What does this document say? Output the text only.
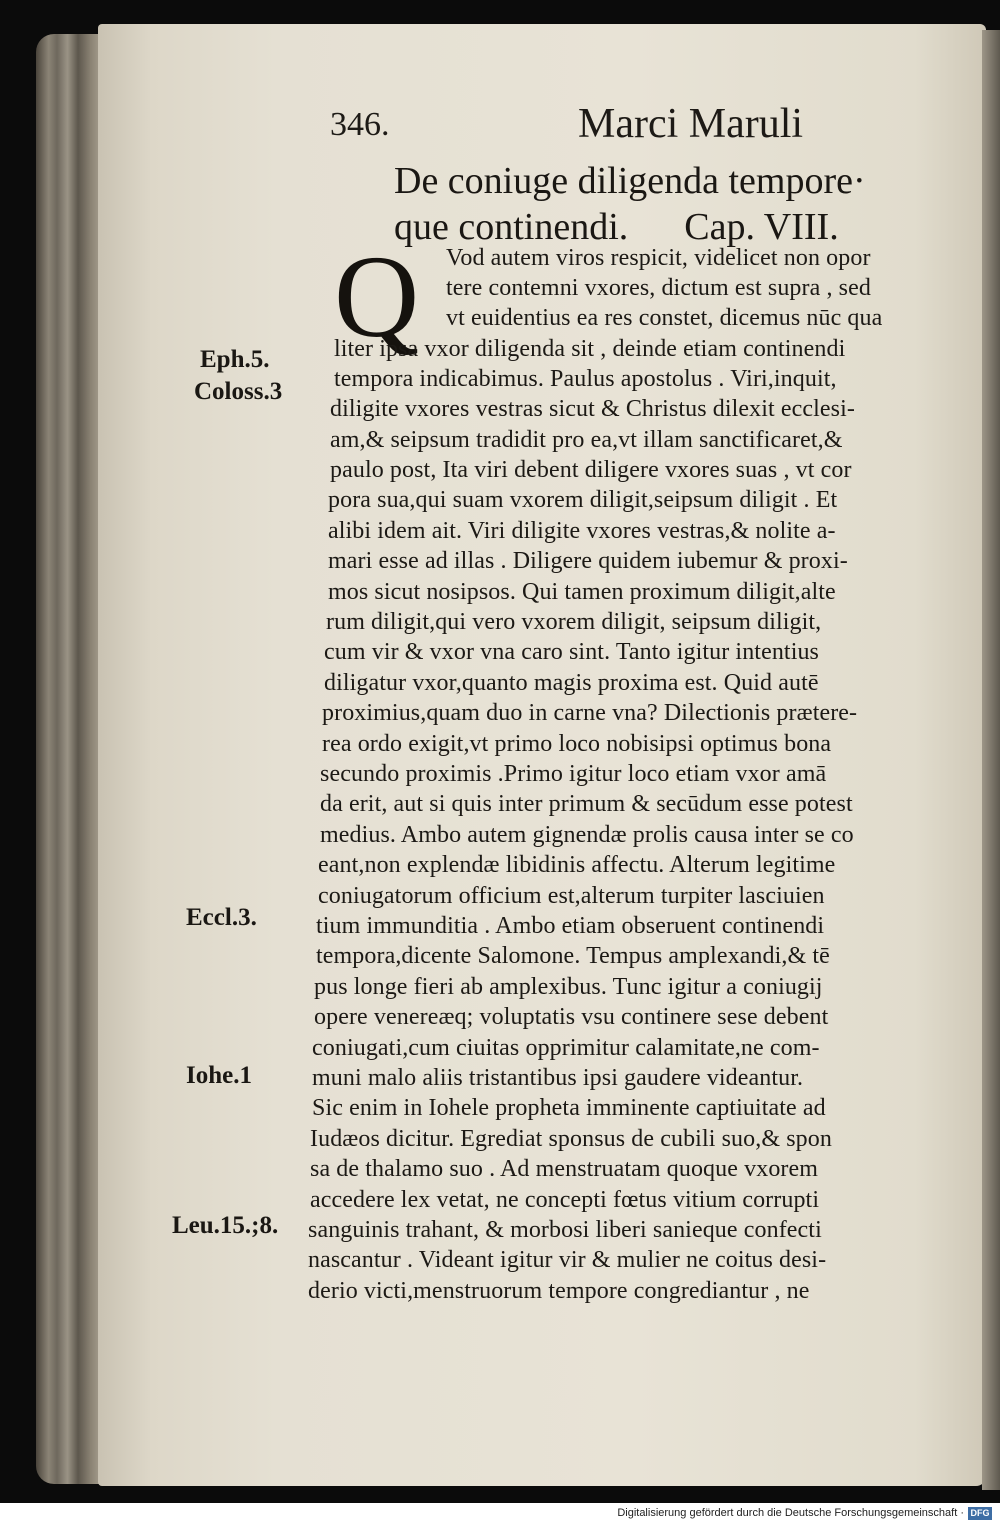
346.	Marci Maruli
De coniuge diligenda tempore·
que continendi. Cap. VIII.
Q Vod autem viros respicit, videlicet non opor
tere contemni vxores, dictum est supra , sed
vt euidentius ea res constet, dicemus nūc qua
liter ipsa vxor diligenda sit , deinde etiam continendi
tempora indicabimus. Paulus apostolus . Viri,inquit,
diligite vxores vestras sicut & Christus dilexit ecclesi-
am,& seipsum tradidit pro ea,vt illam sanctificaret,&
paulo post, Ita viri debent diligere vxores suas , vt cor
pora sua,qui suam vxorem diligit,seipsum diligit . Et
alibi idem ait. Viri diligite vxores vestras,& nolite a-
mari esse ad illas . Diligere quidem iubemur & proxi-
mos sicut nosipsos. Qui tamen proximum diligit,alte
rum diligit,qui vero vxorem diligit, seipsum diligit,
cum vir & vxor vna caro sint. Tanto igitur intentius
diligatur vxor,quanto magis proxima est. Quid autē
proximius,quam duo in carne vna? Dilectionis prætere-
rea ordo exigit,vt primo loco nobisipsi optimus bona
secundo proximis .Primo igitur loco etiam vxor amā
da erit, aut si quis inter primum & secūdum esse potest
medius. Ambo autem gignendæ prolis causa inter se co
eant,non explendæ libidinis affectu. Alterum legitime
coniugatorum officium est,alterum turpiter lasciuien
tium immunditia . Ambo etiam obseruent continendi
tempora,dicente Salomone. Tempus amplexandi,& tē
pus longe fieri ab amplexibus. Tunc igitur a coniugij
opere venereæq; voluptatis vsu continere sese debent
coniugati,cum ciuitas opprimitur calamitate,ne com-
muni malo aliis tristantibus ipsi gaudere videantur.
Sic enim in Iohele propheta imminente captiuitate ad
Iudæos dicitur. Egrediat sponsus de cubili suo,& spon
sa de thalamo suo . Ad menstruatam quoque vxorem
accedere lex vetat, ne concepti fœtus vitium corrupti
sanguinis trahant, & morbosi liberi sanieque confecti
nascantur . Videant igitur vir & mulier ne coitus desi-
derio victi,menstruorum tempore congrediantur , ne
Eph.5.
Coloss.3
Eccl.3.
Iohe.1
Leu.15.;8.
Digitalisierung gefördert durch die Deutsche Forschungsgemeinschaft · DFG
